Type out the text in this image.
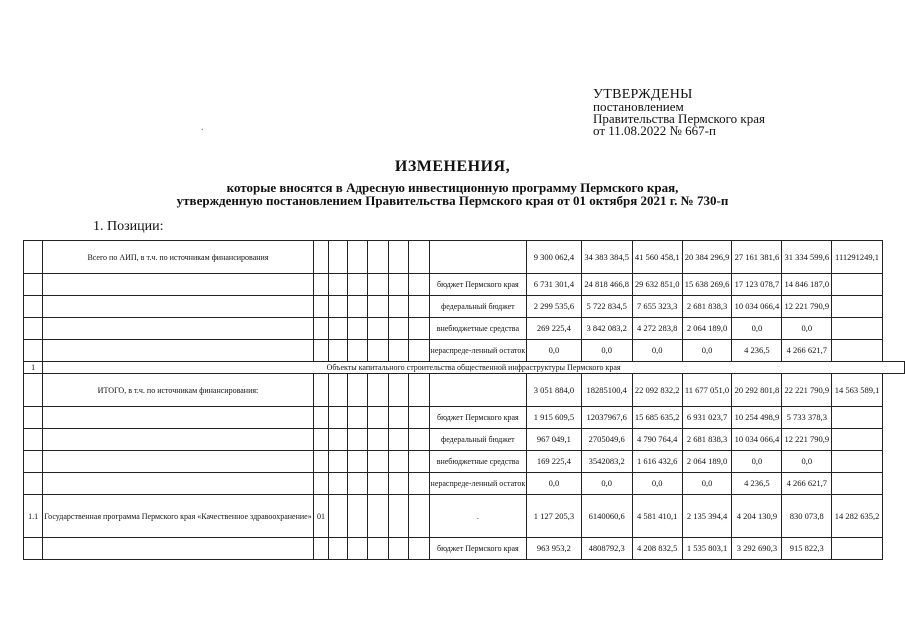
УТВЕРЖДЕНЫ
постановлением
Правительства Пермского края
от 11.08.2022 № 667-п
.
ИЗМЕНЕНИЯ,
которые вносятся в Адресную инвестиционную программу Пермского края,
утвержденную постановлением Правительства Пермского края от 01 октября 2021 г. № 730-п
1. Позиции:
	Всего по АИП, в т.ч. по источникам финансирования								9 300 062,4	34 383 384,5	41 560 458,1	20 384 296,9	27 161 381,6	31 334 599,6	111291249,1
								бюджет Пермского края	6 731 301,4	24 818 466,8	29 632 851,0	15 638 269,6	17 123 078,7	14 846 187,0	
								федеральный бюджет	2 299 535,6	5 722 834,5	7 655 323,3	2 681 838,3	10 034 066,4	12 221 790,9	
								внебюджетные средства	269 225,4	3 842 083,2	4 272 283,8	2 064 189,0	0,0	0,0	
								нераспреде-ленный остаток	0,0	0,0	0,0	0,0	4 236,5	4 266 621,7	
1	Объекты капитального строительства общественной инфраструктуры Пермского края														
	ИТОГО, в т.ч. по источникам финансирования:								3 051 884,0	18285100,4	22 092 832,2	11 677 051,0	20 292 801,8	22 221 790,9	14 563 589,1
								бюджет Пермского края	1 915 609,5	12037967,6	15 685 635,2	6 931 023,7	10 254 498,9	5 733 378,3	
								федеральный бюджет	967 049,1	2705049,6	4 790 764,4	2 681 838,3	10 034 066,4	12 221 790,9	
								внебюджетные средства	169 225,4	3542083,2	1 616 432,6	2 064 189,0	0,0	0,0	
								нераспреде-ленный остаток	0,0	0,0	0,0	0,0	4 236,5	4 266 621,7	
1.1	Государственная программа Пермского края «Качественное здравоохранение»	01						.	1 127 205,3	6140060,6	4 581 410,1	2 135 394,4	4 204 130,9	830 073,8	14 282 635,2
								бюджет Пермского края	963 953,2	4808792,3	4 208 832,5	1 535 803,1	3 292 690,3	915 822,3	
